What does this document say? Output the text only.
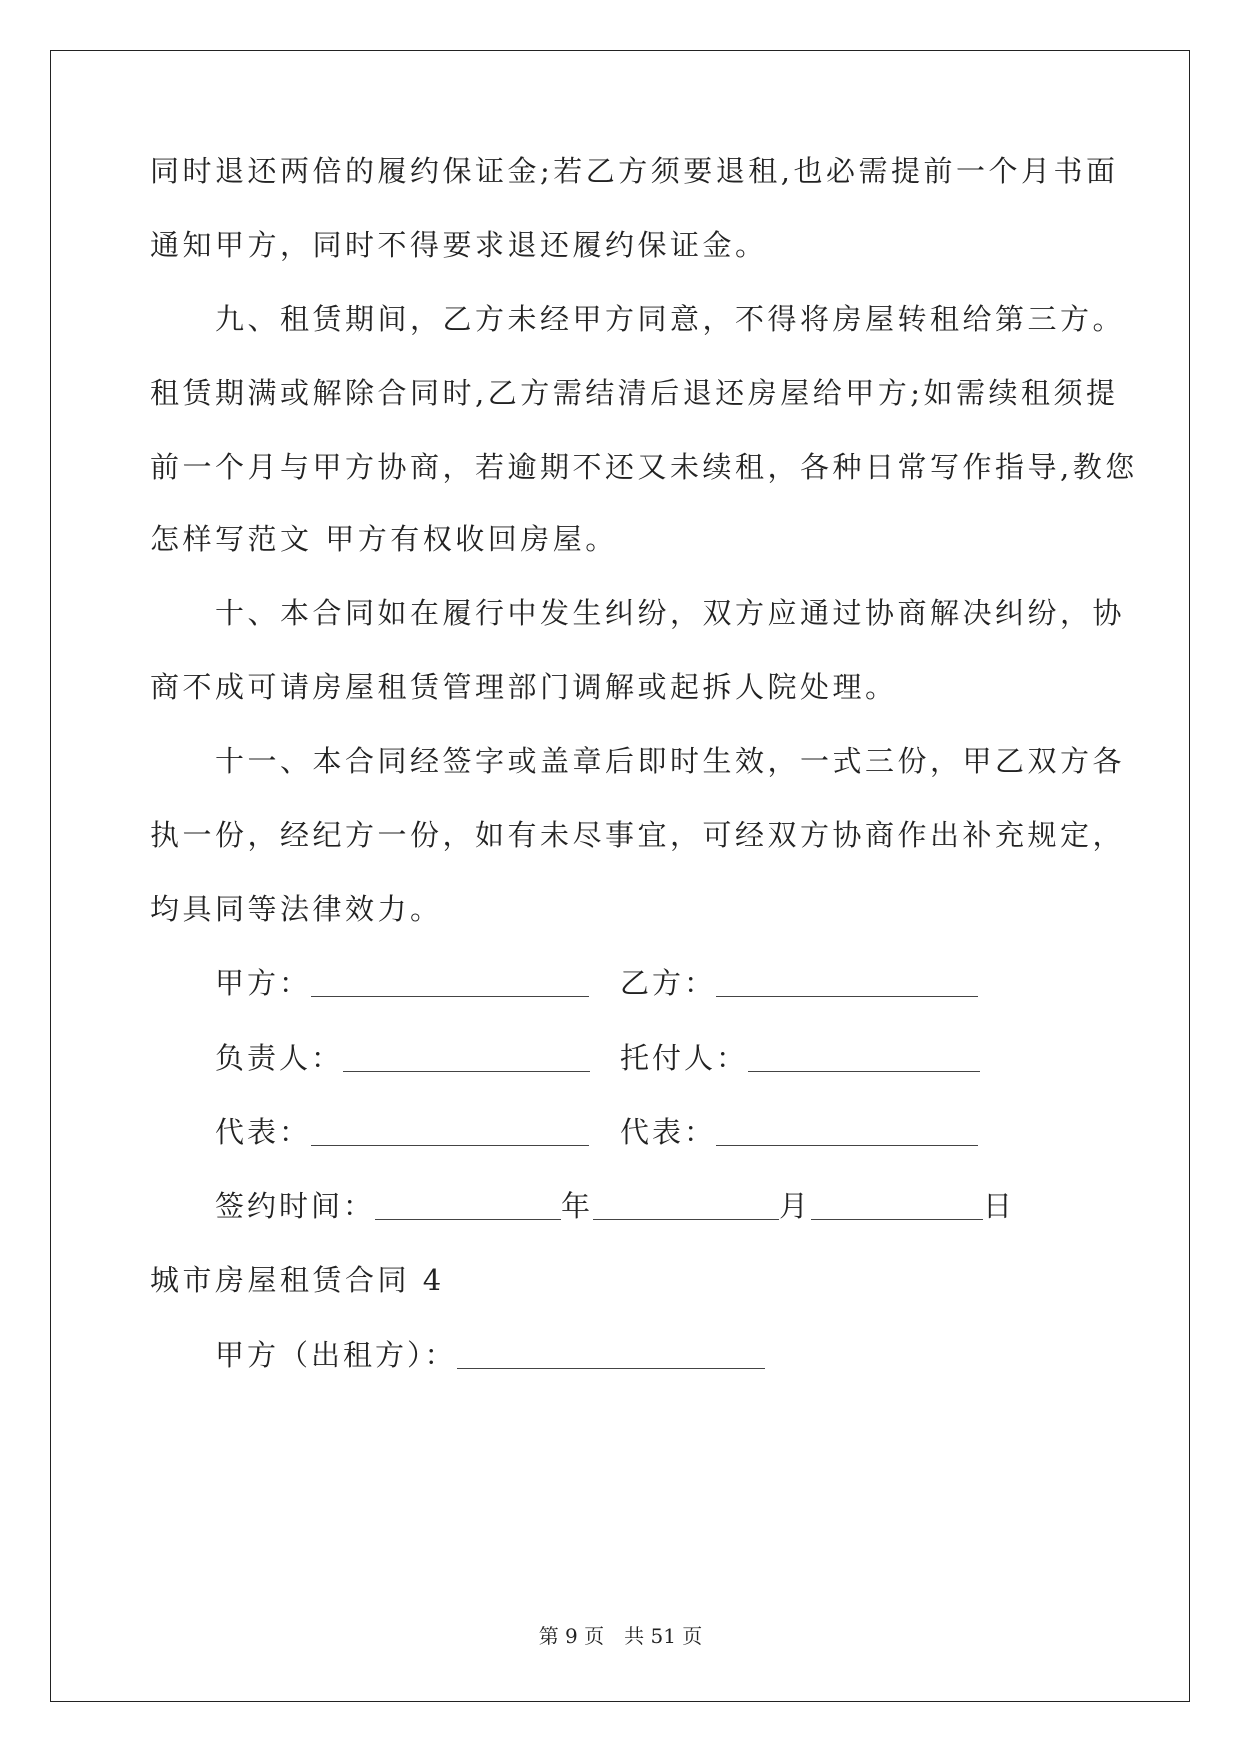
同时退还两倍的履约保证金;若乙方须要退租,也必需提前一个月书面
通知甲方，同时不得要求退还履约保证金。
九、租赁期间，乙方未经甲方同意，不得将房屋转租给第三方。
租赁期满或解除合同时,乙方需结清后退还房屋给甲方;如需续租须提
前一个月与甲方协商，若逾期不还又未续租，各种日常写作指导,教您
怎样写范文 甲方有权收回房屋。
十、本合同如在履行中发生纠纷，双方应通过协商解决纠纷，协
商不成可请房屋租赁管理部门调解或起拆人院处理。
十一、本合同经签字或盖章后即时生效，一式三份，甲乙双方各
执一份，经纪方一份，如有未尽事宜，可经双方协商作出补充规定，
均具同等法律效力。
甲方：	乙方：
负责人：	托付人：
代表：	代表：
签约时间：	年	月	日
城市房屋租赁合同 4
甲方（出租方）：
第 9 页　共 51 页
